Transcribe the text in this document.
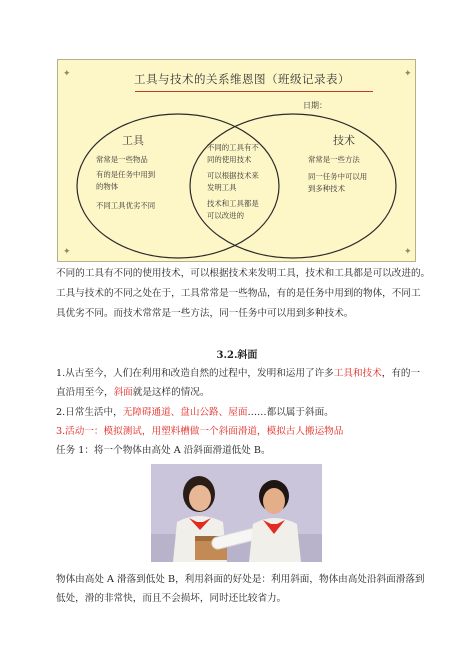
✦	✦
✦	✦
工具与技术的关系维恩图（班级记录表）
日期：
工具
常常是一些物品
有的是任务中用到
的物体
不同工具优劣不同
不同的工具有不
同的使用技术
可以根据技术来
发明工具
技术和工具都是
可以改进的
技术
常常是一些方法
同一任务中可以用
到多种技术
不同的工具有不同的使用技术，可以根据技术来发明工具，技术和工具都是可以改进的。
工具与技术的不同之处在于，工具常常是一些物品，有的是任务中用到的物体，不同工
具优劣不同。而技术常常是一些方法，同一任务中可以用到多种技术。
3.2.斜面
1.从古至今，人们在利用和改造自然的过程中，发明和运用了许多工具和技术，有的一
直沿用至今，斜面就是这样的情况。
2.日常生活中，无障碍通道、盘山公路、屋面……都以属于斜面。
3.活动一：模拟测试，用塑料槽做一个斜面滑道，模拟古人搬运物品
任务 1：将一个物体由高处 A 沿斜面滑道低处 B。
物体由高处 A 滑落到低处 B，利用斜面的好处是：利用斜面，物体由高处沿斜面滑落到
低处，滑的非常快，而且不会损坏，同时还比较省力。
